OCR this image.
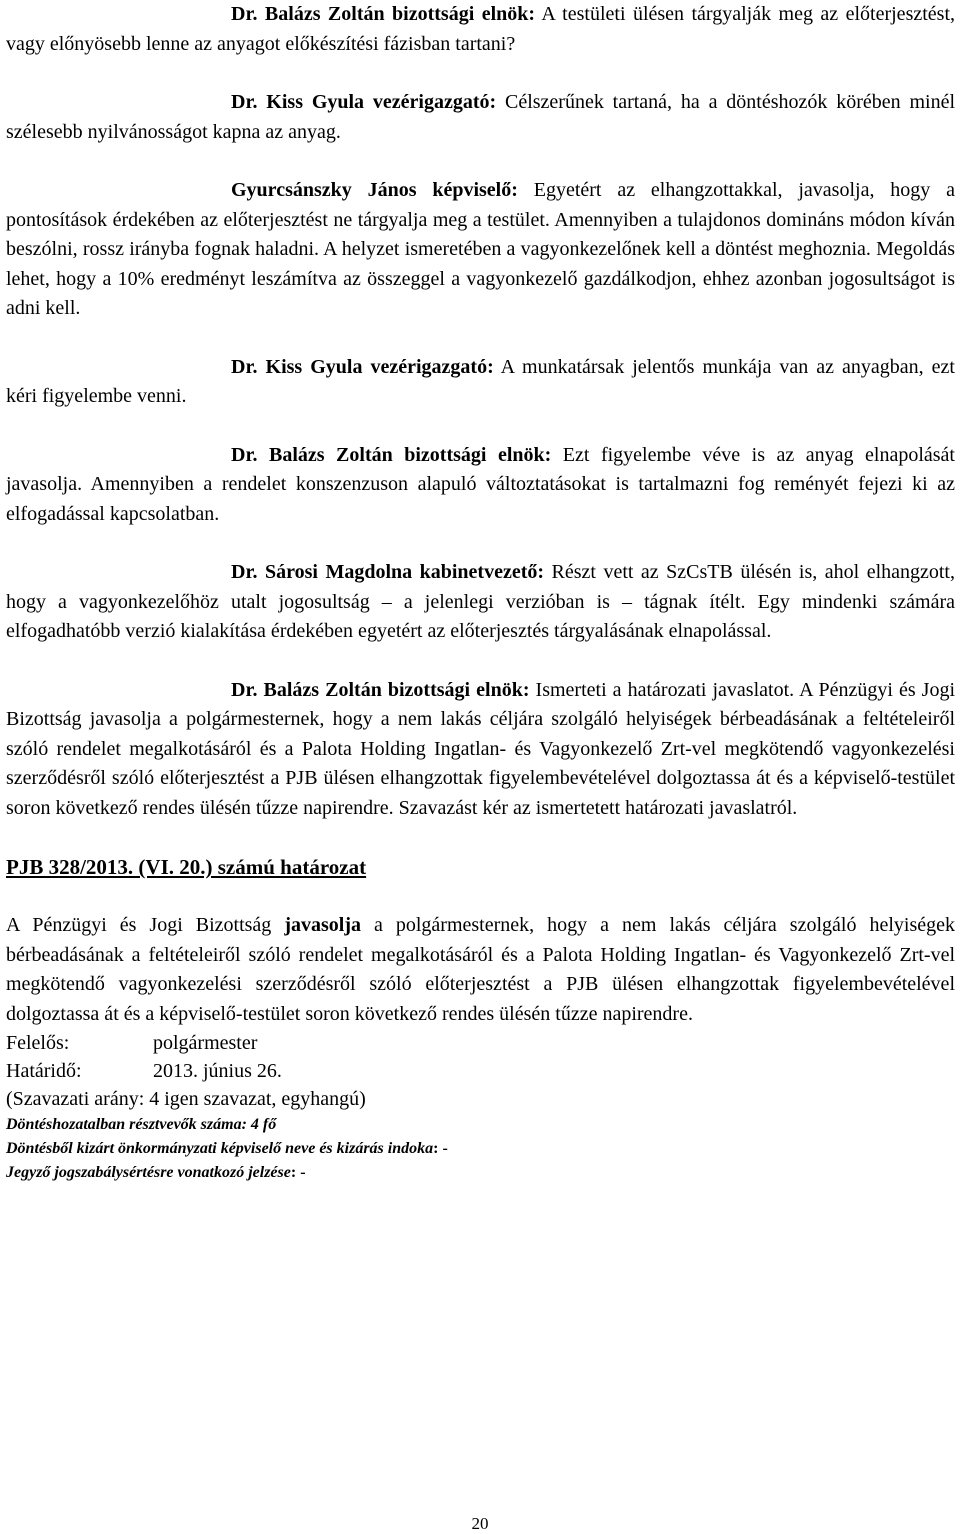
Dr. Balázs Zoltán bizottsági elnök: A testületi ülésen tárgyalják meg az előterjesztést, vagy előnyösebb lenne az anyagot előkészítési fázisban tartani?

Dr. Kiss Gyula vezérigazgató: Célszerűnek tartaná, ha a döntéshozók körében minél szélesebb nyilvánosságot kapna az anyag.

Gyurcsánszky János képviselő: Egyetért az elhangzottakkal, javasolja, hogy a pontosítások érdekében az előterjesztést ne tárgyalja meg a testület. Amennyiben a tulajdonos domináns módon kíván beszólni, rossz irányba fognak haladni. A helyzet ismeretében a vagyonkezelőnek kell a döntést meghoznia. Megoldás lehet, hogy a 10% eredményt leszámítva az összeggel a vagyonkezelő gazdálkodjon, ehhez azonban jogosultságot is adni kell.

Dr. Kiss Gyula vezérigazgató: A munkatársak jelentős munkája van az anyagban, ezt kéri figyelembe venni.

Dr. Balázs Zoltán bizottsági elnök: Ezt figyelembe véve is az anyag elnapolását javasolja. Amennyiben a rendelet konszenzuson alapuló változtatásokat is tartalmazni fog reményét fejezi ki az elfogadással kapcsolatban.

Dr. Sárosi Magdolna kabinetvezető: Részt vett az SzCsTB ülésén is, ahol elhangzott, hogy a vagyonkezelőhöz utalt jogosultság – a jelenlegi verzióban is – tágnak ítélt. Egy mindenki számára elfogadhatóbb verzió kialakítása érdekében egyetért az előterjesztés tárgyalásának elnapolással.

Dr. Balázs Zoltán bizottsági elnök: Ismerteti a határozati javaslatot. A Pénzügyi és Jogi Bizottság javasolja a polgármesternek, hogy a nem lakás céljára szolgáló helyiségek bérbeadásának a feltételeiről szóló rendelet megalkotásáról és a Palota Holding Ingatlan- és Vagyonkezelő Zrt-vel megkötendő vagyonkezelési szerződésről szóló előterjesztést a PJB ülésen elhangzottak figyelembevételével dolgoztassa át és a képviselő-testület soron következő rendes ülésén tűzze napirendre. Szavazást kér az ismertetett határozati javaslatról.

PJB 328/2013. (VI. 20.) számú határozat

A Pénzügyi és Jogi Bizottság javasolja a polgármesternek, hogy a nem lakás céljára szolgáló helyiségek bérbeadásának a feltételeiről szóló rendelet megalkotásáról és a Palota Holding Ingatlan- és Vagyonkezelő Zrt-vel megkötendő vagyonkezelési szerződésről szóló előterjesztést a PJB ülésen elhangzottak figyelembevételével dolgoztassa át és a képviselő-testület soron következő rendes ülésén tűzze napirendre.

Felelős:	polgármester

Határidő:	2013. június 26.

(Szavazati arány: 4 igen szavazat, egyhangú)

Döntéshozatalban résztvevők száma: 4 fő

Döntésből kizárt önkormányzati képviselő neve és kizárás indoka: -

Jegyző jogszabálysértésre vonatkozó jelzése: -

20
